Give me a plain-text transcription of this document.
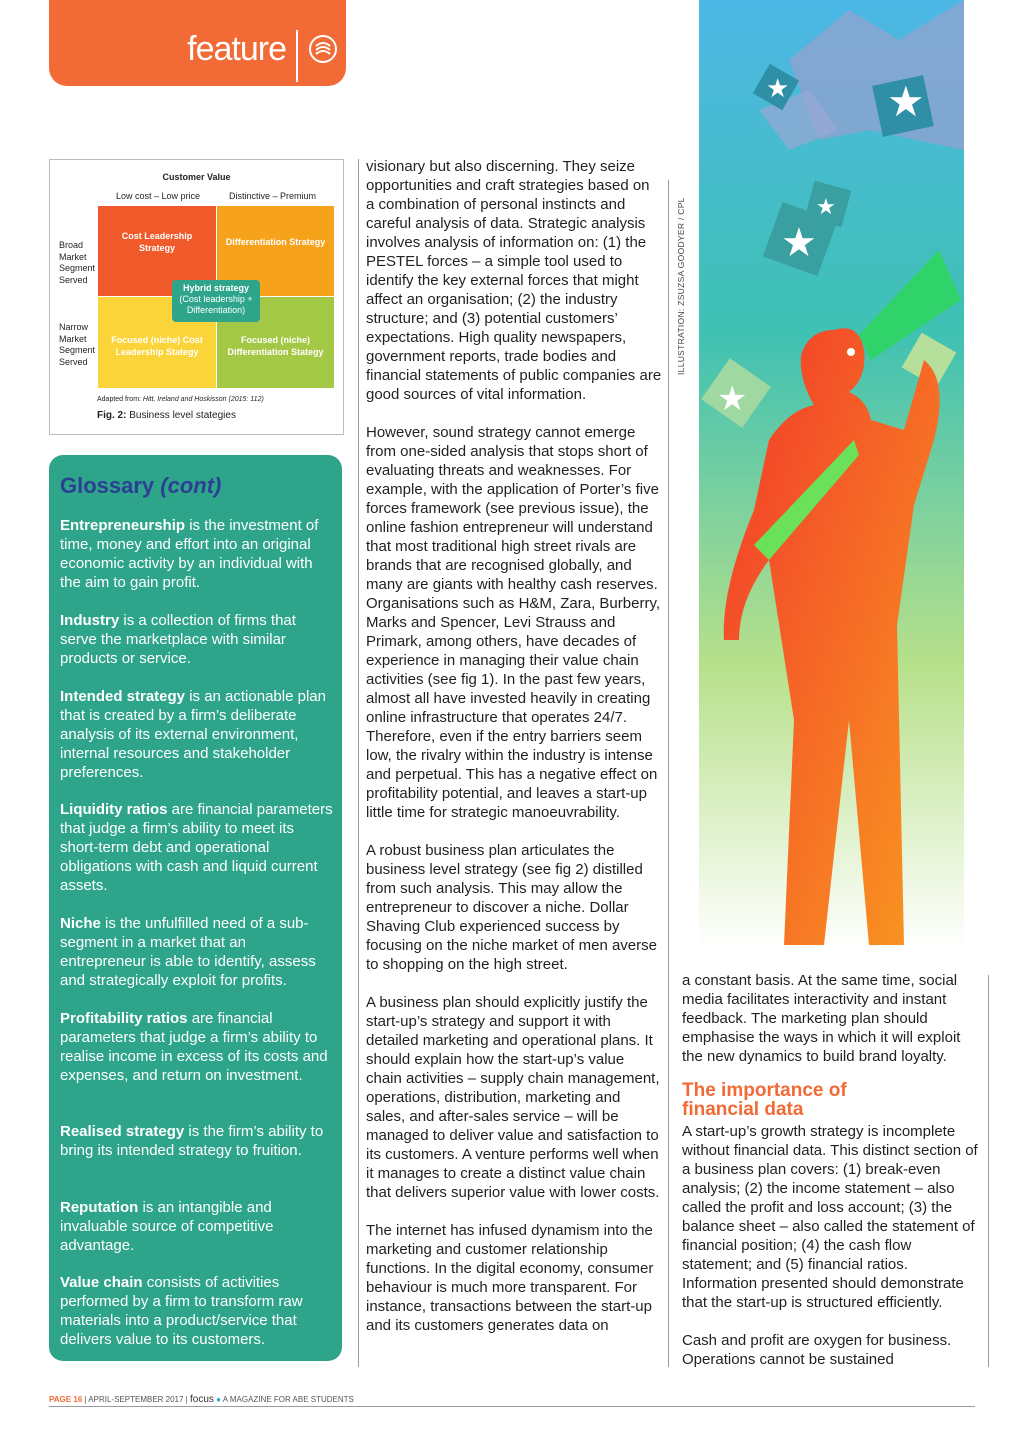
feature
Customer Value
Low cost – Low price	Distinctive – Premium
Broad
Market
Segment
Served
Narrow
Market
Segment
Served
Cost Leadership Strategy
Differentiation Strategy
Focused (niche) Cost Leadership Stategy
Focused (niche) Differentiation Stategy
Hybrid strategy
(Cost leadership +
Differentiation)
Adapted from: Hitt, Ireland and Hoskisson (2015: 112)
Fig. 2: Business level stategies
Glossary (cont)
Entrepreneurship is the investment of time, money and effort into an original economic activity by an individual with the aim to gain profit.
Industry is a collection of firms that serve the marketplace with similar products or service.
Intended strategy is an actionable plan that is created by a firm’s deliberate analysis of its external environment, internal resources and stakeholder preferences.
Liquidity ratios are financial parameters that judge a firm’s ability to meet its short-term debt and operational obligations with cash and liquid current assets.
Niche is the unfulfilled need of a sub-segment in a market that an entrepreneur is able to identify, assess and strategically exploit for profits.
Profitability ratios are financial parameters that judge a firm’s ability to realise income in excess of its costs and expenses, and return on investment.
Realised strategy is the firm’s ability to bring its intended strategy to fruition.
Reputation is an intangible and invaluable source of competitive advantage.
Value chain consists of activities performed by a firm to transform raw materials into a product/service that delivers value to its customers.

visionary but also discerning. They seize opportunities and craft strategies based on a combination of personal instincts and careful analysis of data. Strategic analysis involves analysis of information on: (1) the PESTEL forces – a simple tool used to identify the key external forces that might affect an organisation; (2) the industry structure; and (3) potential customers’ expectations. High quality newspapers, government reports, trade bodies and financial statements of public companies are good sources of vital information.

However, sound strategy cannot emerge from one-sided analysis that stops short of evaluating threats and weaknesses. For example, with the application of Porter’s five forces framework (see previous issue), the online fashion entrepreneur will understand that most traditional high street rivals are brands that are recognised globally, and many are giants with healthy cash reserves. Organisations such as H&M, Zara, Burberry, Marks and Spencer, Levi Strauss and Primark, among others, have decades of experience in managing their value chain activities (see fig 1). In the past few years, almost all have invested heavily in creating online infrastructure that operates 24/7. Therefore, even if the entry barriers seem low, the rivalry within the industry is intense and perpetual. This has a negative effect on profitability potential, and leaves a start-up little time for strategic manoeuvrability.

A robust business plan articulates the business level strategy (see fig 2) distilled from such analysis. This may allow the entrepreneur to discover a niche. Dollar Shaving Club experienced success by focusing on the niche market of men averse to shopping on the high street.

A business plan should explicitly justify the start-up’s strategy and support it with detailed marketing and operational plans. It should explain how the start-up’s value chain activities – supply chain management, operations, distribution, marketing and sales, and after-sales service – will be managed to deliver value and satisfaction to its customers. A venture performs well when it manages to create a distinct value chain that delivers superior value with lower costs.

The internet has infused dynamism into the marketing and customer relationship functions. In the digital economy, consumer behaviour is much more transparent. For instance, transactions between the start-up and its customers generates data on

★ ★
★
★
★
ILLUSTRATION: ZSUZSA GOODYER / CPL

a constant basis. At the same time, social media facilitates interactivity and instant feedback. The marketing plan should emphasise the ways in which it will exploit the new dynamics to build brand loyalty.

The importance of financial data

A start-up’s growth strategy is incomplete without financial data. This distinct section of a business plan covers: (1) break-even analysis; (2) the income statement – also called the profit and loss account; (3) the balance sheet – also called the statement of financial position; (4) the cash flow statement; and (5) financial ratios. Information presented should demonstrate that the start-up is structured efficiently.

Cash and profit are oxygen for business. Operations cannot be sustained

PAGE 16 | APRIL-SEPTEMBER 2017 | focus ● A MAGAZINE FOR ABE STUDENTS
